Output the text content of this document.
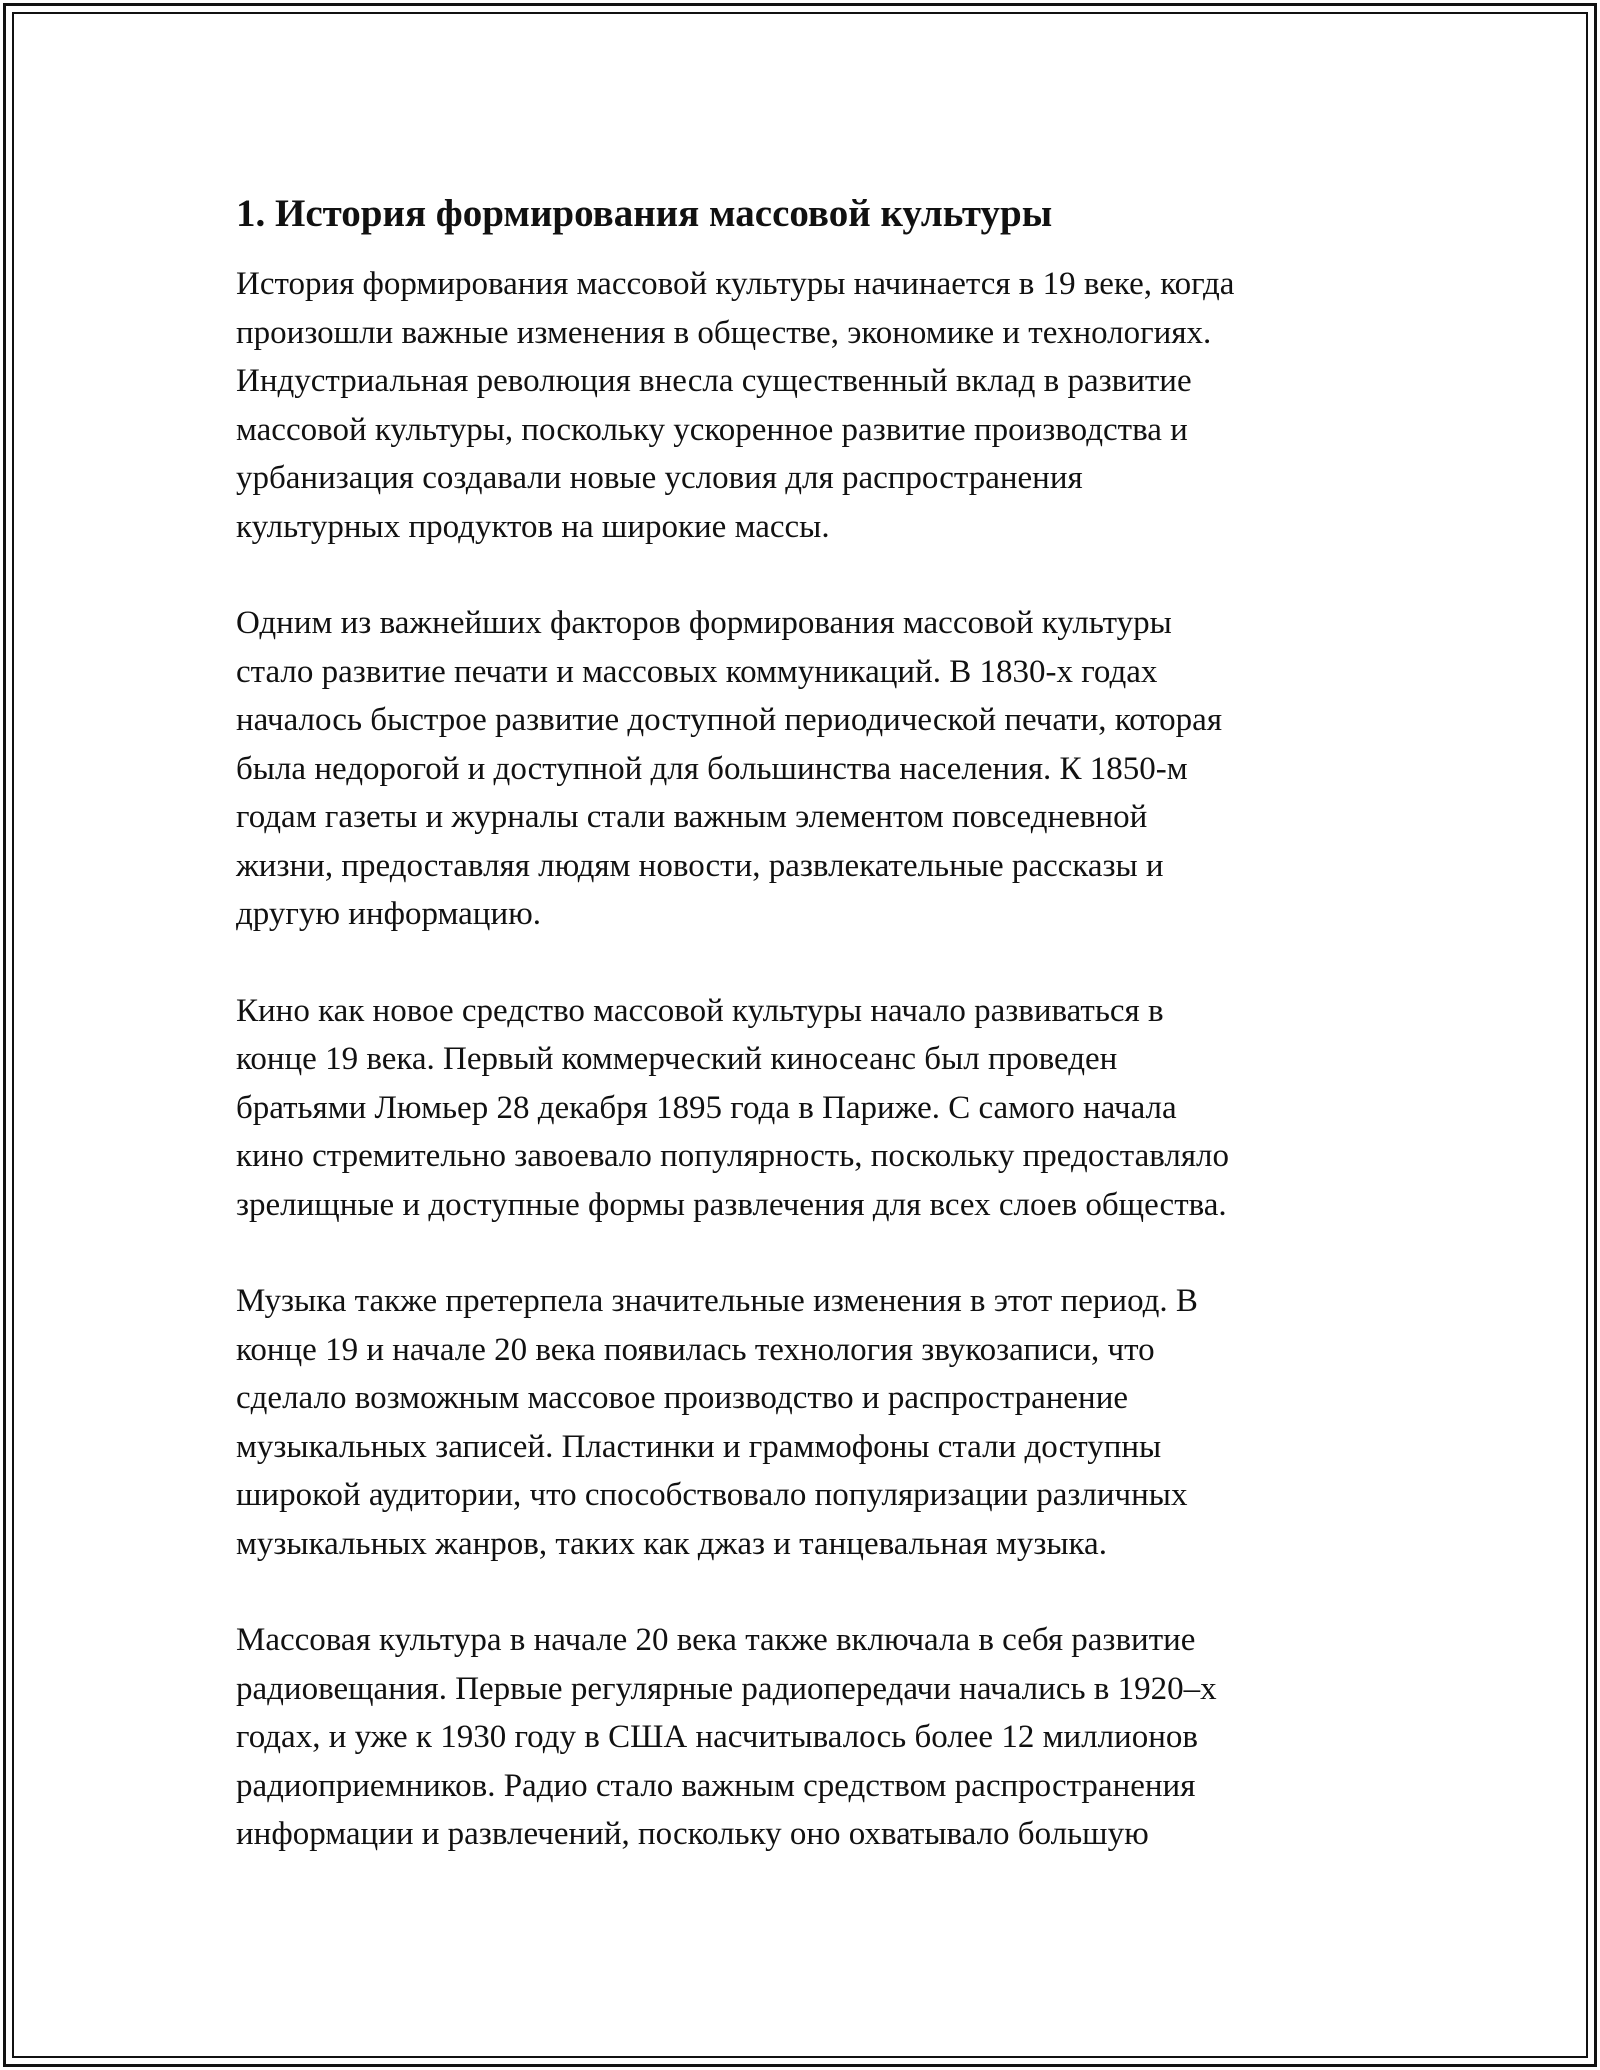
1. История формирования массовой культуры

История формирования массовой культуры начинается в 19 веке, когда
произошли важные изменения в обществе, экономике и технологиях.
Индустриальная революция внесла существенный вклад в развитие
массовой культуры, поскольку ускоренное развитие производства и
урбанизация создавали новые условия для распространения
культурных продуктов на широкие массы.

Одним из важнейших факторов формирования массовой культуры
стало развитие печати и массовых коммуникаций. В 1830-х годах
началось быстрое развитие доступной периодической печати, которая
была недорогой и доступной для большинства населения. К 1850-м
годам газеты и журналы стали важным элементом повседневной
жизни, предоставляя людям новости, развлекательные рассказы и
другую информацию.

Кино как новое средство массовой культуры начало развиваться в
конце 19 века. Первый коммерческий киносеанс был проведен
братьями Люмьер 28 декабря 1895 года в Париже. С самого начала
кино стремительно завоевало популярность, поскольку предоставляло
зрелищные и доступные формы развлечения для всех слоев общества.

Музыка также претерпела значительные изменения в этот период. В
конце 19 и начале 20 века появилась технология звукозаписи, что
сделало возможным массовое производство и распространение
музыкальных записей. Пластинки и граммофоны стали доступны
широкой аудитории, что способствовало популяризации различных
музыкальных жанров, таких как джаз и танцевальная музыка.

Массовая культура в начале 20 века также включала в себя развитие
радиовещания. Первые регулярные радиопередачи начались в 1920–х
годах, и уже к 1930 году в США насчитывалось более 12 миллионов
радиоприемников. Радио стало важным средством распространения
информации и развлечений, поскольку оно охватывало большую
